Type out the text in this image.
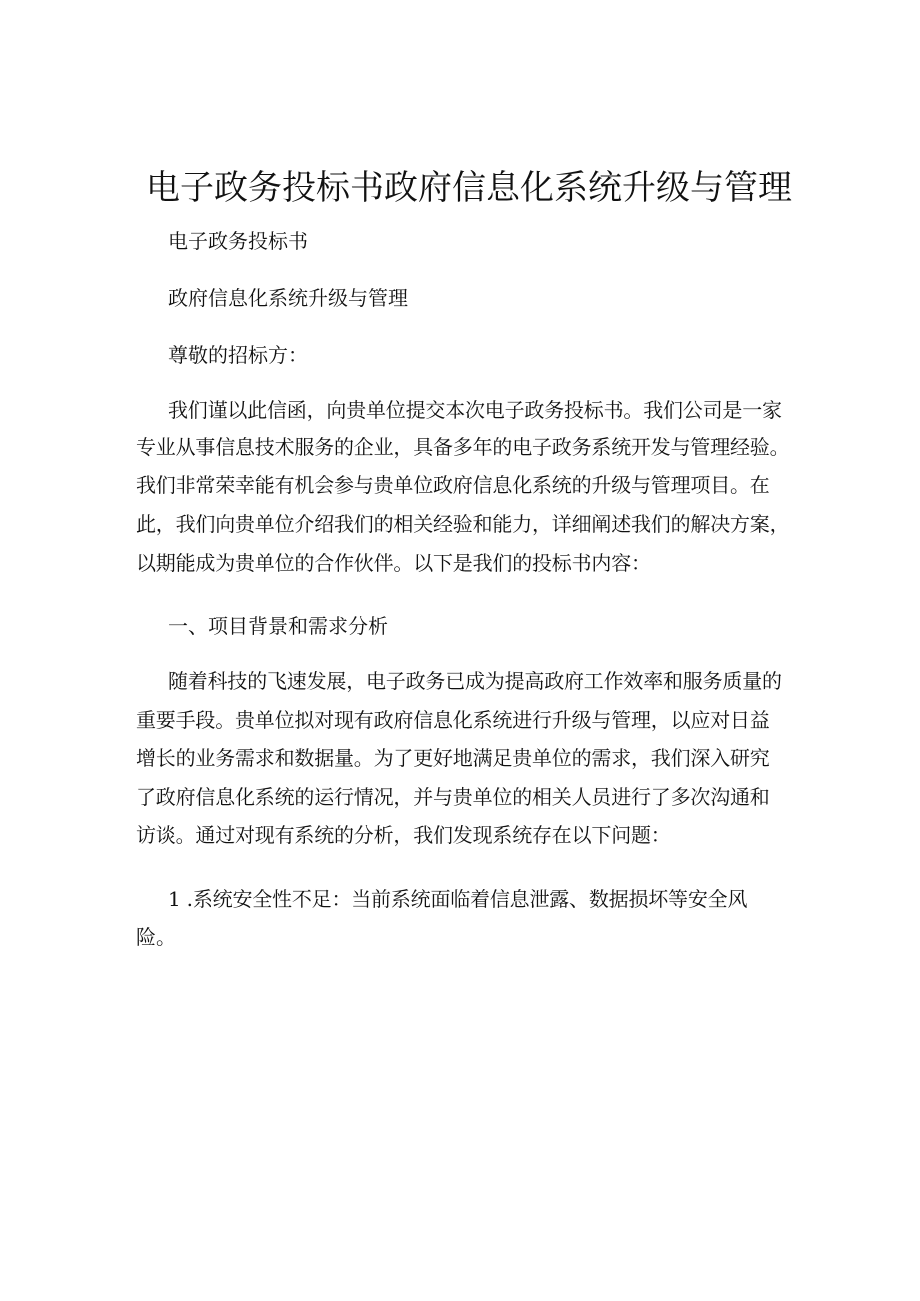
电子政务投标书政府信息化系统升级与管理
电子政务投标书
政府信息化系统升级与管理
尊敬的招标方：
我们谨以此信函，向贵单位提交本次电子政务投标书。我们公司是一家
专业从事信息技术服务的企业，具备多年的电子政务系统开发与管理经验。
我们非常荣幸能有机会参与贵单位政府信息化系统的升级与管理项目。在
此，我们向贵单位介绍我们的相关经验和能力，详细阐述我们的解决方案，
以期能成为贵单位的合作伙伴。以下是我们的投标书内容：
一、项目背景和需求分析
随着科技的飞速发展，电子政务已成为提高政府工作效率和服务质量的
重要手段。贵单位拟对现有政府信息化系统进行升级与管理，以应对日益
增长的业务需求和数据量。为了更好地满足贵单位的需求，我们深入研究
了政府信息化系统的运行情况，并与贵单位的相关人员进行了多次沟通和
访谈。通过对现有系统的分析，我们发现系统存在以下问题：
1 .系统安全性不足：当前系统面临着信息泄露、数据损坏等安全风
险。
